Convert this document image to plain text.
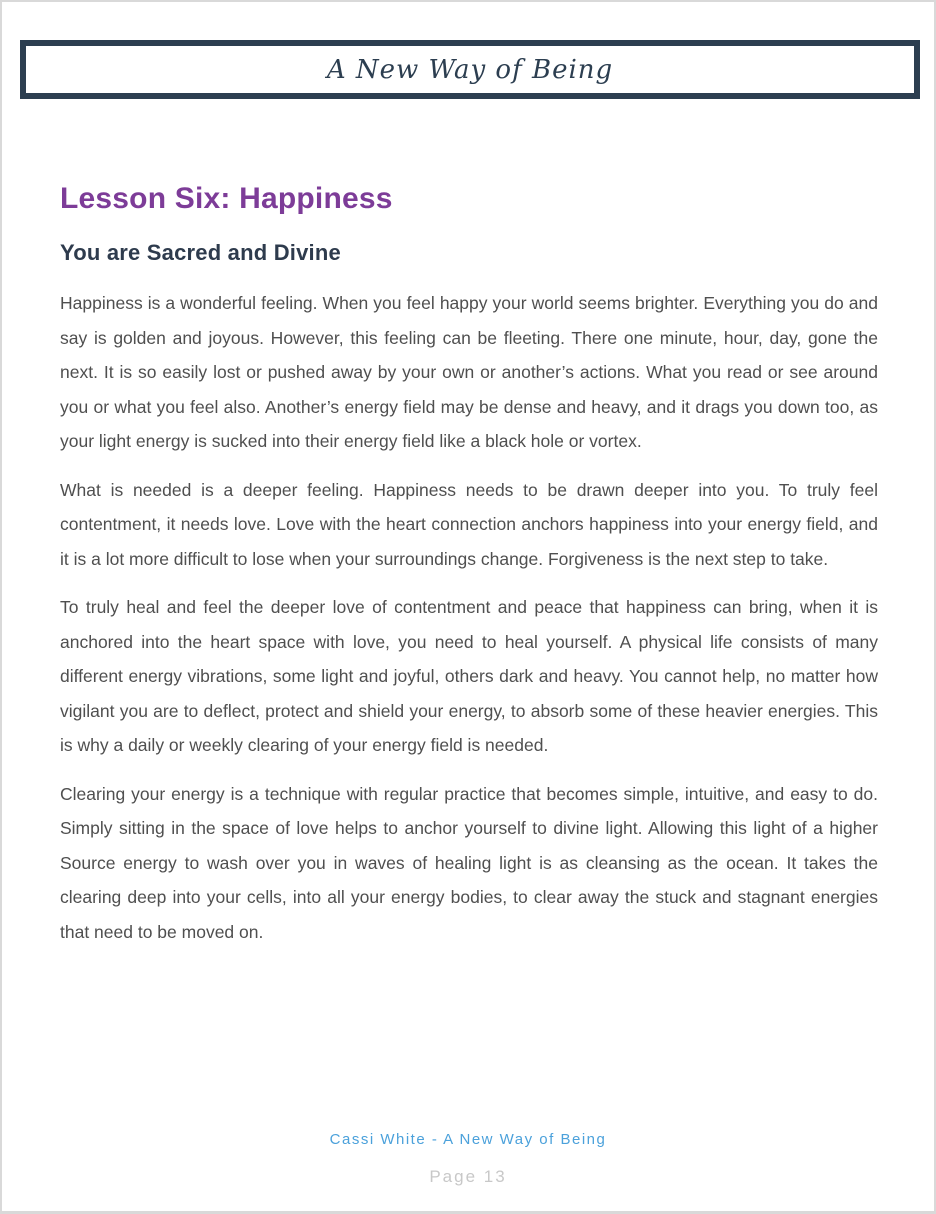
A New Way of Being
Lesson Six: Happiness
You are Sacred and Divine

Happiness is a wonderful feeling. When you feel happy your world seems brighter. Everything you do and say is golden and joyous. However, this feeling can be fleeting. There one minute, hour, day, gone the next. It is so easily lost or pushed away by your own or another’s actions. What you read or see around you or what you feel also. Another’s energy field may be dense and heavy, and it drags you down too, as your light energy is sucked into their energy field like a black hole or vortex.

What is needed is a deeper feeling. Happiness needs to be drawn deeper into you. To truly feel contentment, it needs love. Love with the heart connection anchors happiness into your energy field, and it is a lot more difficult to lose when your surroundings change. Forgiveness is the next step to take.

To truly heal and feel the deeper love of contentment and peace that happiness can bring, when it is anchored into the heart space with love, you need to heal yourself. A physical life consists of many different energy vibrations, some light and joyful, others dark and heavy. You cannot help, no matter how vigilant you are to deflect, protect and shield your energy, to absorb some of these heavier energies. This is why a daily or weekly clearing of your energy field is needed.

Clearing your energy is a technique with regular practice that becomes simple, intuitive, and easy to do. Simply sitting in the space of love helps to anchor yourself to divine light. Allowing this light of a higher Source energy to wash over you in waves of healing light is as cleansing as the ocean. It takes the clearing deep into your cells, into all your energy bodies, to clear away the stuck and stagnant energies that need to be moved on.

Cassi White - A New Way of Being
Page 13
